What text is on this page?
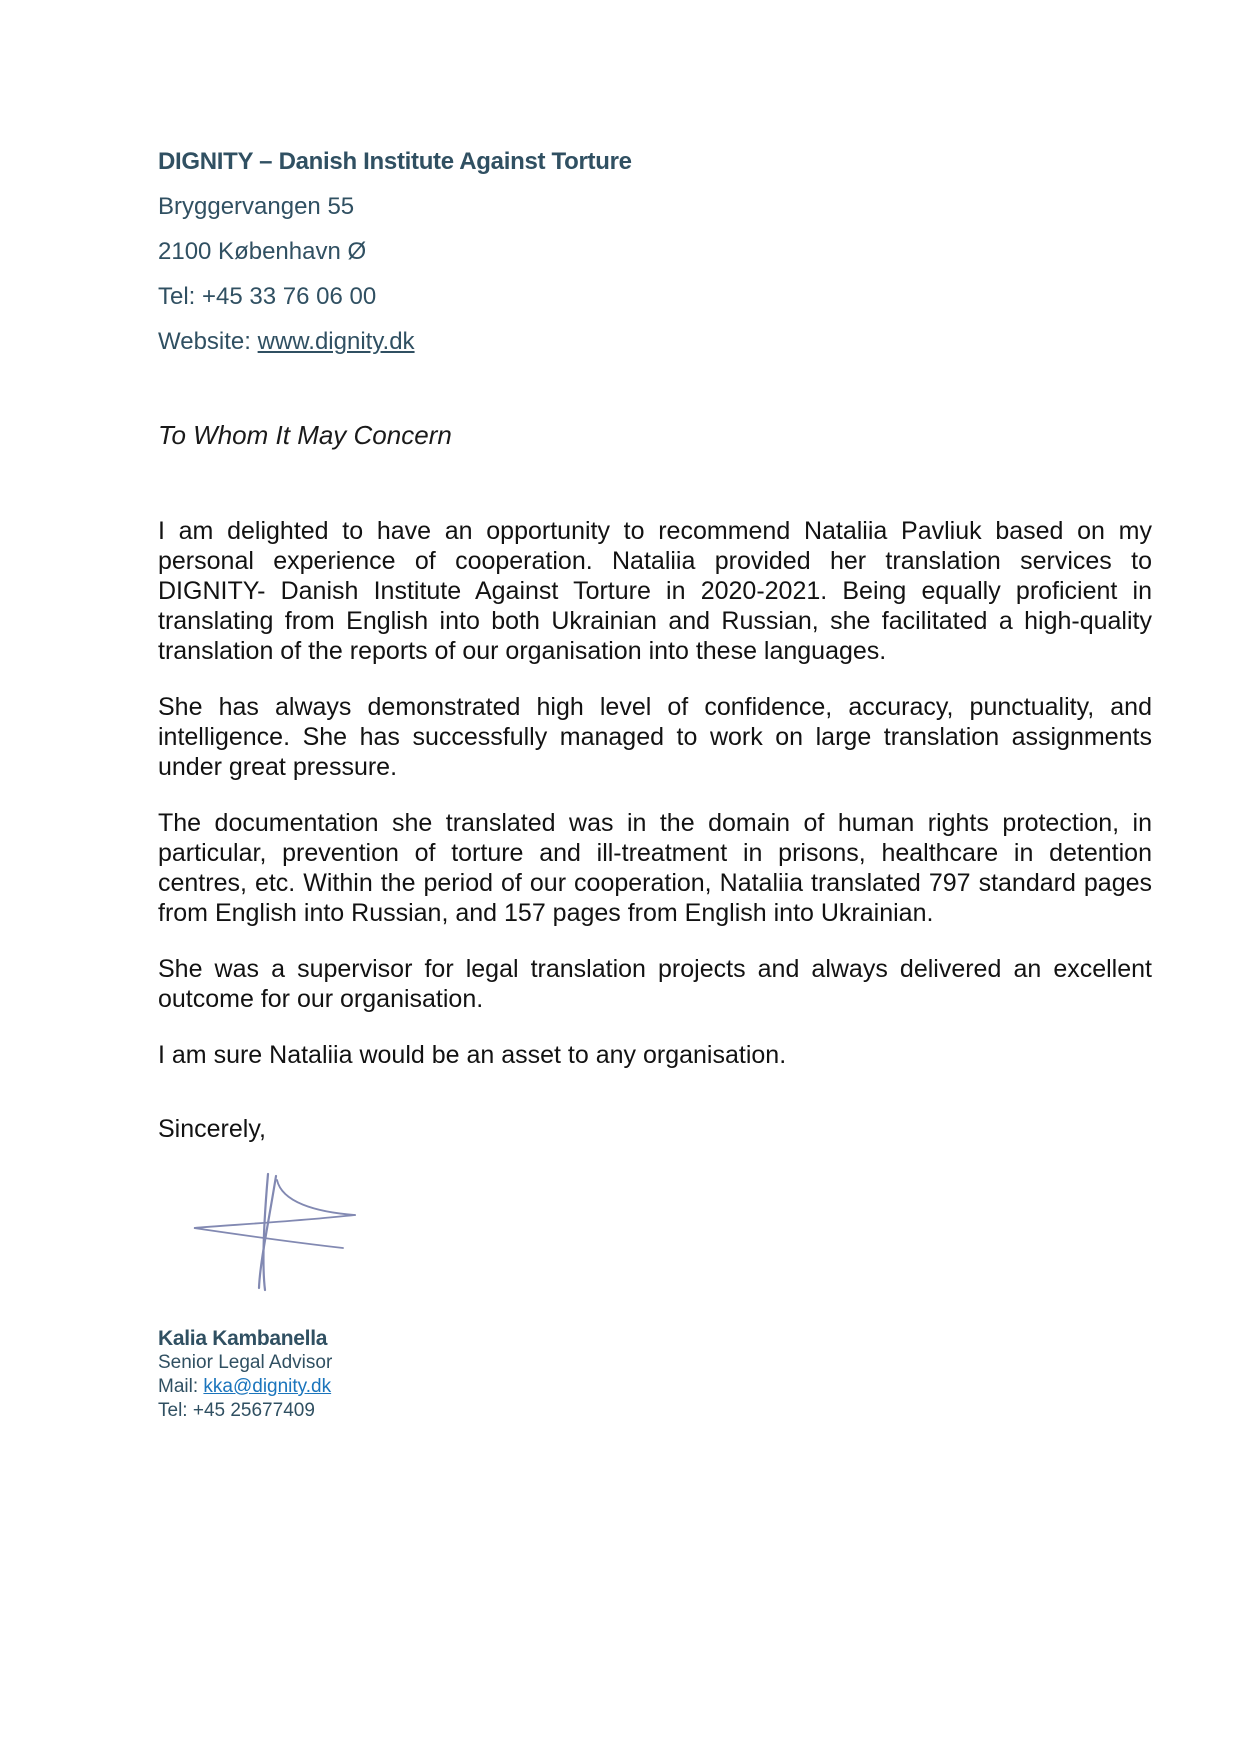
DIGNITY – Danish Institute Against Torture

Bryggervangen 55

2100 København Ø

Tel: +45 33 76 06 00

Website: www.dignity.dk

To Whom It May Concern

I am delighted to have an opportunity to recommend Nataliia Pavliuk based on my personal experience of cooperation. Nataliia provided her translation services to DIGNITY- Danish Institute Against Torture in 2020-2021. Being equally proficient in translating from English into both Ukrainian and Russian, she facilitated a high-quality translation of the reports of our organisation into these languages.

She has always demonstrated high level of confidence, accuracy, punctuality, and intelligence. She has successfully managed to work on large translation assignments under great pressure.

The documentation she translated was in the domain of human rights protection, in particular, prevention of torture and ill-treatment in prisons, healthcare in detention centres, etc. Within the period of our cooperation, Nataliia translated 797 standard pages from English into Russian, and 157 pages from English into Ukrainian.

She was a supervisor for legal translation projects and always delivered an excellent outcome for our organisation.

I am sure Nataliia would be an asset to any organisation.

Sincerely,

Kalia Kambanella

Senior Legal Advisor

Mail: kka@dignity.dk

Tel: +45 25677409
